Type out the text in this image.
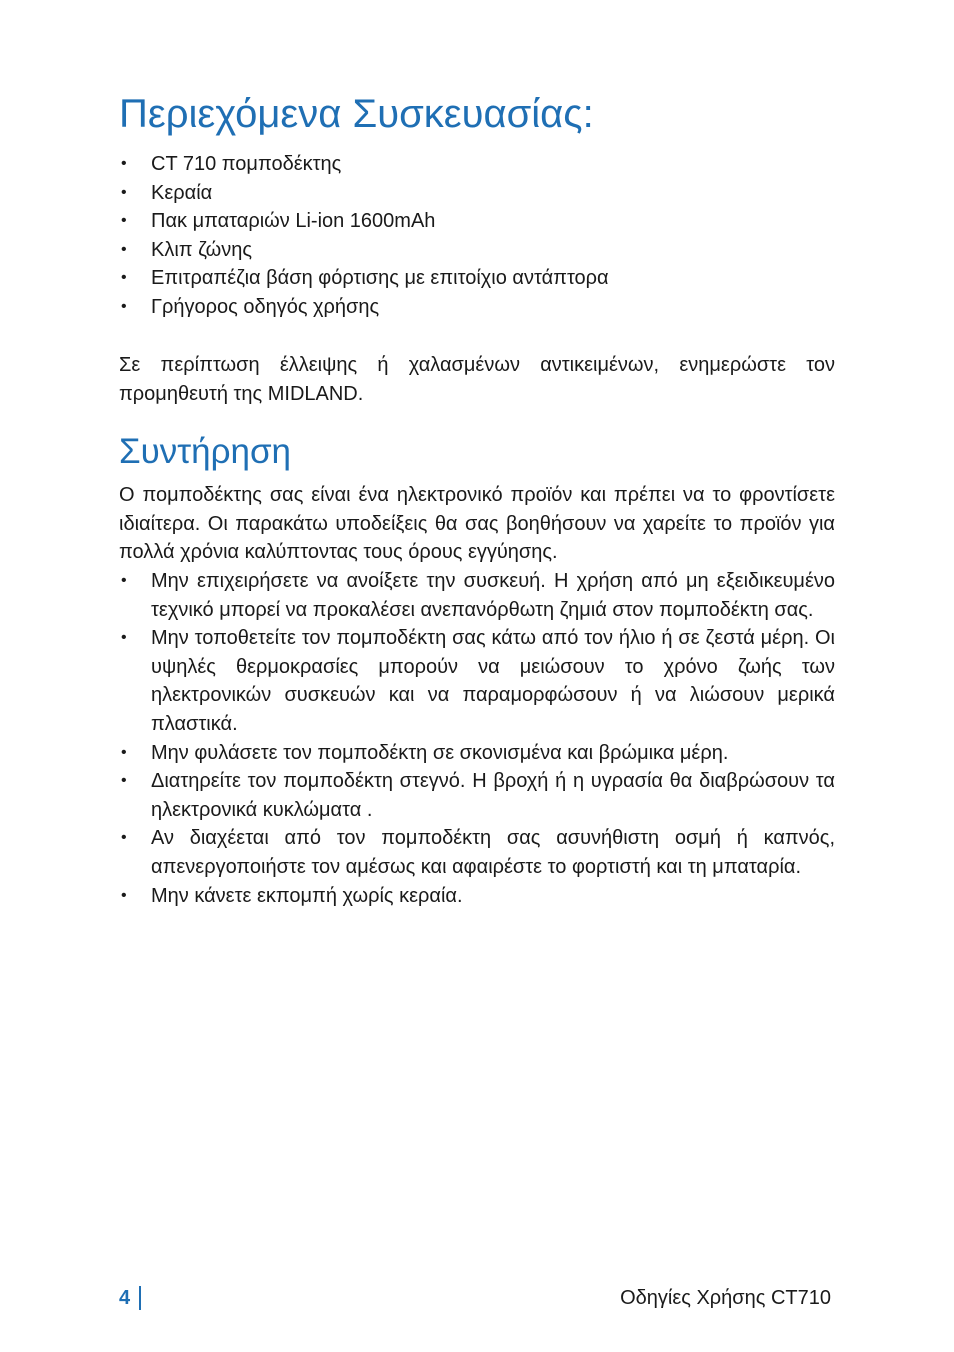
Περιεχόμενα Συσκευασίας:
• CT 710 πομποδέκτης
• Κεραία
• Πακ μπαταριών Li-ion 1600mAh
• Κλιπ ζώνης
• Επιτραπέζια βάση φόρτισης με επιτοίχιο αντάπτορα
• Γρήγορος οδηγός χρήσης

Σε περίπτωση έλλειψης ή χαλασμένων αντικειμένων, ενημερώστε τον προμηθευτή της MIDLAND.

Συντήρηση

Ο πομποδέκτης σας είναι ένα ηλεκτρονικό προϊόν και πρέπει να το φροντίσετε ιδιαίτερα. Οι παρακάτω υποδείξεις θα σας βοηθήσουν να χαρείτε το προϊόν για πολλά χρόνια καλύπτοντας τους όρους εγγύησης.

• Μην επιχειρήσετε να ανοίξετε την συσκευή. Η χρήση από μη εξειδικευμένο τεχνικό μπορεί να προκαλέσει ανεπανόρθωτη ζημιά στον πομποδέκτη σας.
• Μην τοποθετείτε τον πομποδέκτη σας κάτω από τον ήλιο ή σε ζεστά μέρη. Οι υψηλές θερμοκρασίες μπορούν να μειώσουν το χρόνο ζωής των ηλεκτρονικών συσκευών και να παραμορφώσουν ή να λιώσουν μερικά πλαστικά.
• Μην φυλάσετε τον πομποδέκτη σε σκονισμένα και βρώμικα μέρη.
• Διατηρείτε τον πομποδέκτη στεγνό. Η βροχή ή η υγρασία θα διαβρώσουν τα ηλεκτρονικά κυκλώματα .
• Αν διαχέεται από τον πομποδέκτη σας ασυνήθιστη οσμή ή καπνός, απενεργοποιήστε τον αμέσως και αφαιρέστε το φορτιστή και τη μπαταρία.
• Μην κάνετε εκπομπή χωρίς κεραία.
4	Οδηγίες Χρήσης CT710
